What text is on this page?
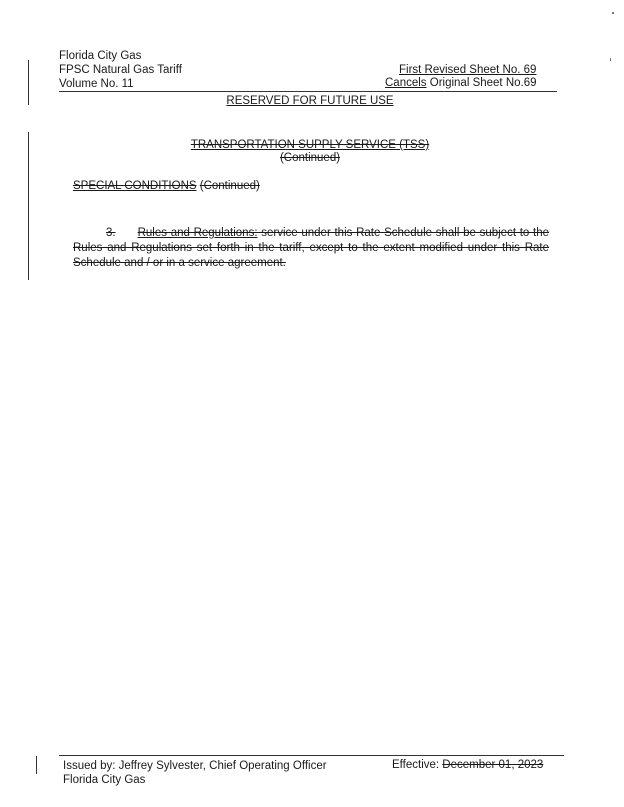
Florida City Gas
FPSC Natural Gas Tariff
Volume No. 11
First Revised Sheet No. 69
Cancels Original Sheet No.69
RESERVED FOR FUTURE USE
TRANSPORTATION SUPPLY SERVICE (TSS)
(Continued)
SPECIAL CONDITIONS (Continued)
3. Rules and Regulations: service under this Rate Schedule shall be subject to the Rules and Regulations set forth in the tariff, except to the extent modified under this Rate Schedule and / or in a service agreement.
Issued by: Jeffrey Sylvester, Chief Operating Officer
Florida City Gas
Effective: December 01, 2023
